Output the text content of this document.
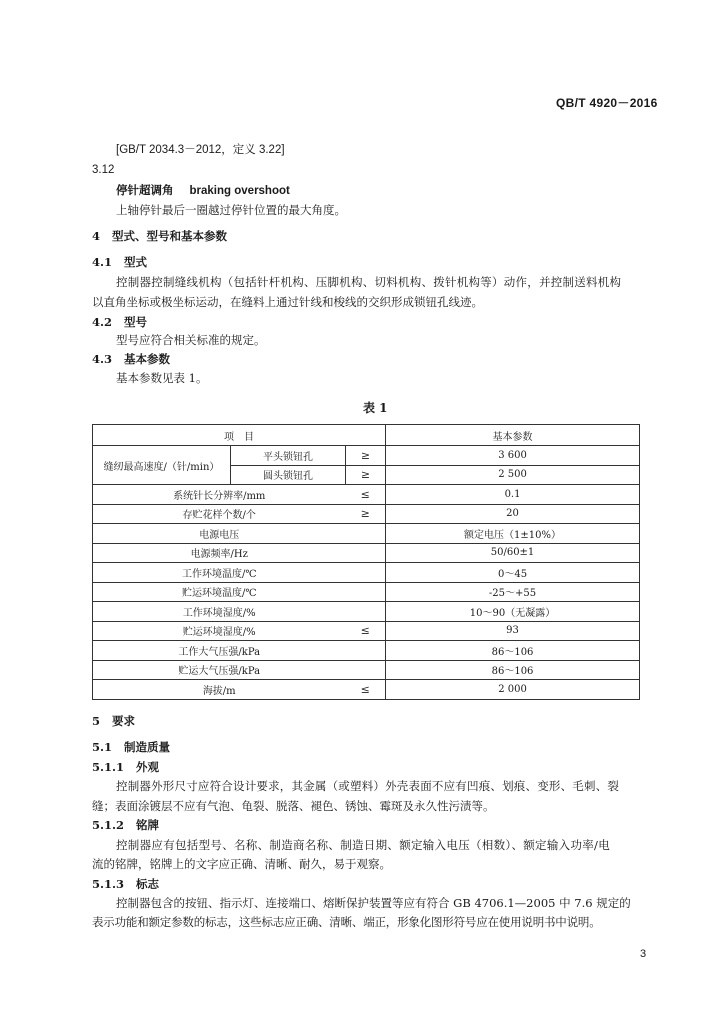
QB/T 4920－2016
[GB/T 2034.3－2012，定义 3.22]
3.12
停针超调角 braking overshoot
上轴停针最后一圈越过停针位置的最大角度。
4 型式、型号和基本参数
4.1 型式
控制器控制缝线机构（包括针杆机构、压脚机构、切料机构、拨针机构等）动作，并控制送料机构
以直角坐标或极坐标运动，在缝料上通过针线和梭线的交织形成锁钮孔线迹。
4.2 型号
型号应符合相关标准的规定。
4.3 基本参数
基本参数见表 1。
表 1
项　目			基本参数
缝纫最高速度/（针/min）	平头锁钮孔	≥	3 600
	圆头锁钮孔	≥	2 500
系统针长分辨率/mm		≤	0.1
存贮花样个数/个		≥	20
电源电压			额定电压（1±10%）
电源频率/Hz			50/60±1
工作环境温度/℃			0～45
贮运环境温度/℃			-25～+55
工作环境湿度/%			10～90（无凝露）
贮运环境湿度/%		≤	93
工作大气压强/kPa			86～106
贮运大气压强/kPa			86～106
海拔/m		≤	2 000
5 要求
5.1 制造质量
5.1.1 外观
控制器外形尺寸应符合设计要求，其金属（或塑料）外壳表面不应有凹痕、划痕、变形、毛刺、裂
缝；表面涂镀层不应有气泡、龟裂、脱落、褪色、锈蚀、霉斑及永久性污渍等。
5.1.2 铭牌
控制器应有包括型号、名称、制造商名称、制造日期、额定输入电压（相数）、额定输入功率/电
流的铭牌，铭牌上的文字应正确、清晰、耐久，易于观察。
5.1.3 标志
控制器包含的按钮、指示灯、连接端口、熔断保护装置等应有符合 GB 4706.1—2005 中 7.6 规定的
表示功能和额定参数的标志，这些标志应正确、清晰、端正，形象化图形符号应在使用说明书中说明。
3
